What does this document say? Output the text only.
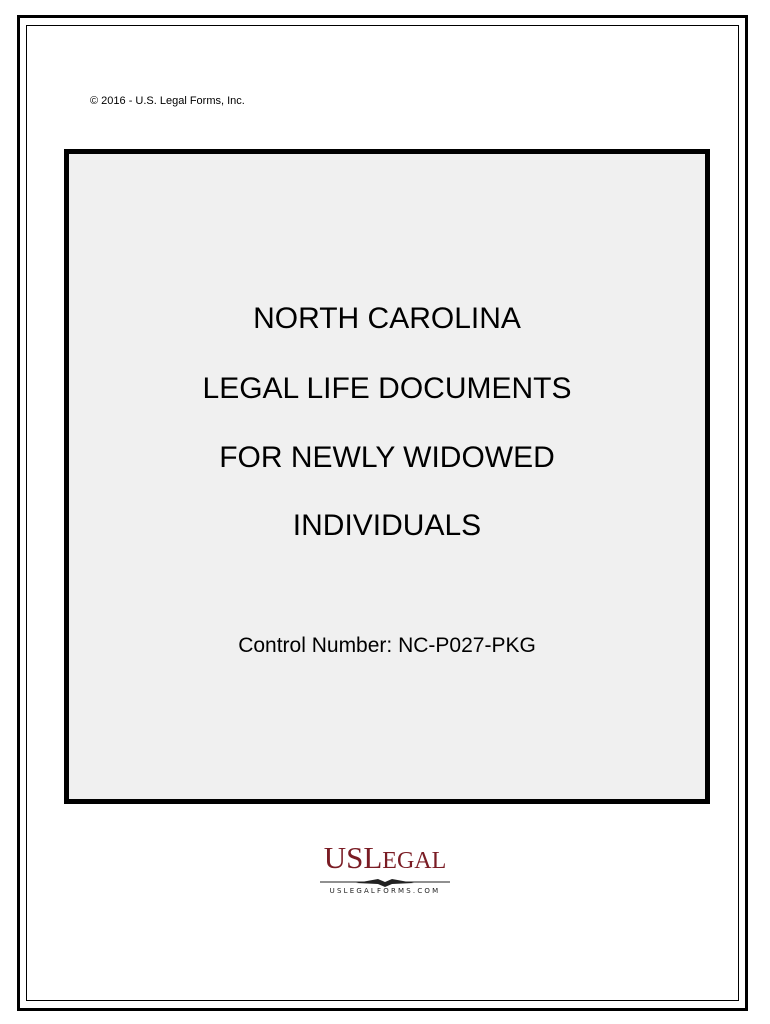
© 2016 - U.S. Legal Forms, Inc.
NORTH CAROLINA
LEGAL LIFE DOCUMENTS
FOR NEWLY WIDOWED
INDIVIDUALS
Control Number: NC-P027-PKG
USLEGAL
USLEGALFORMS.COM
